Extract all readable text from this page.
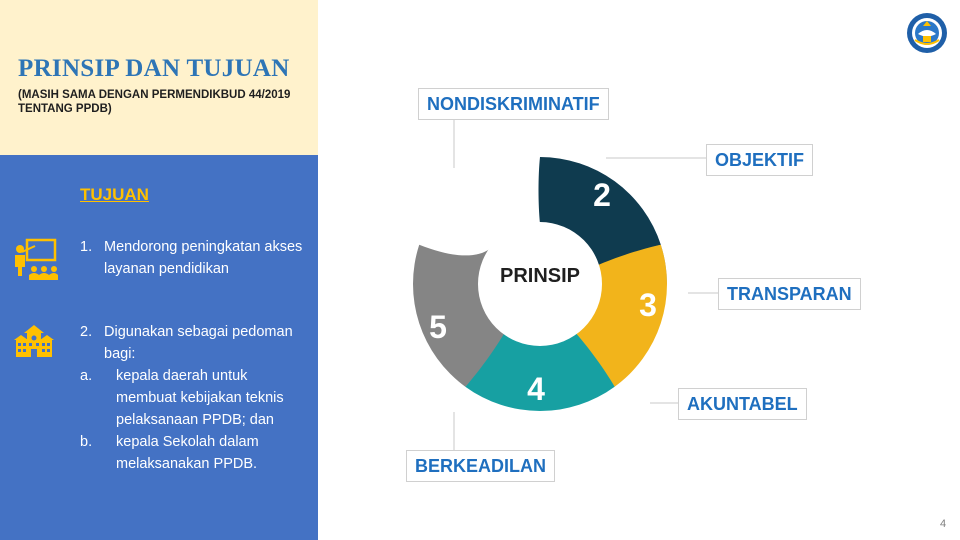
PRINSIP DAN TUJUAN
(MASIH SAMA DENGAN PERMENDIKBUD 44/2019 TENTANG PPDB)
TUJUAN
1. Mendorong peningkatan akses layanan pendidikan
2. Digunakan sebagai pedoman bagi:
a. kepala daerah untuk membuat kebijakan teknis pelaksanaan PPDB; dan
b. kepala Sekolah dalam melaksanakan PPDB.
1	2
3
4
5
PRINSIP
NONDISKRIMINATIF
OBJEKTIF
TRANSPARAN
AKUNTABEL
BERKEADILAN
4
